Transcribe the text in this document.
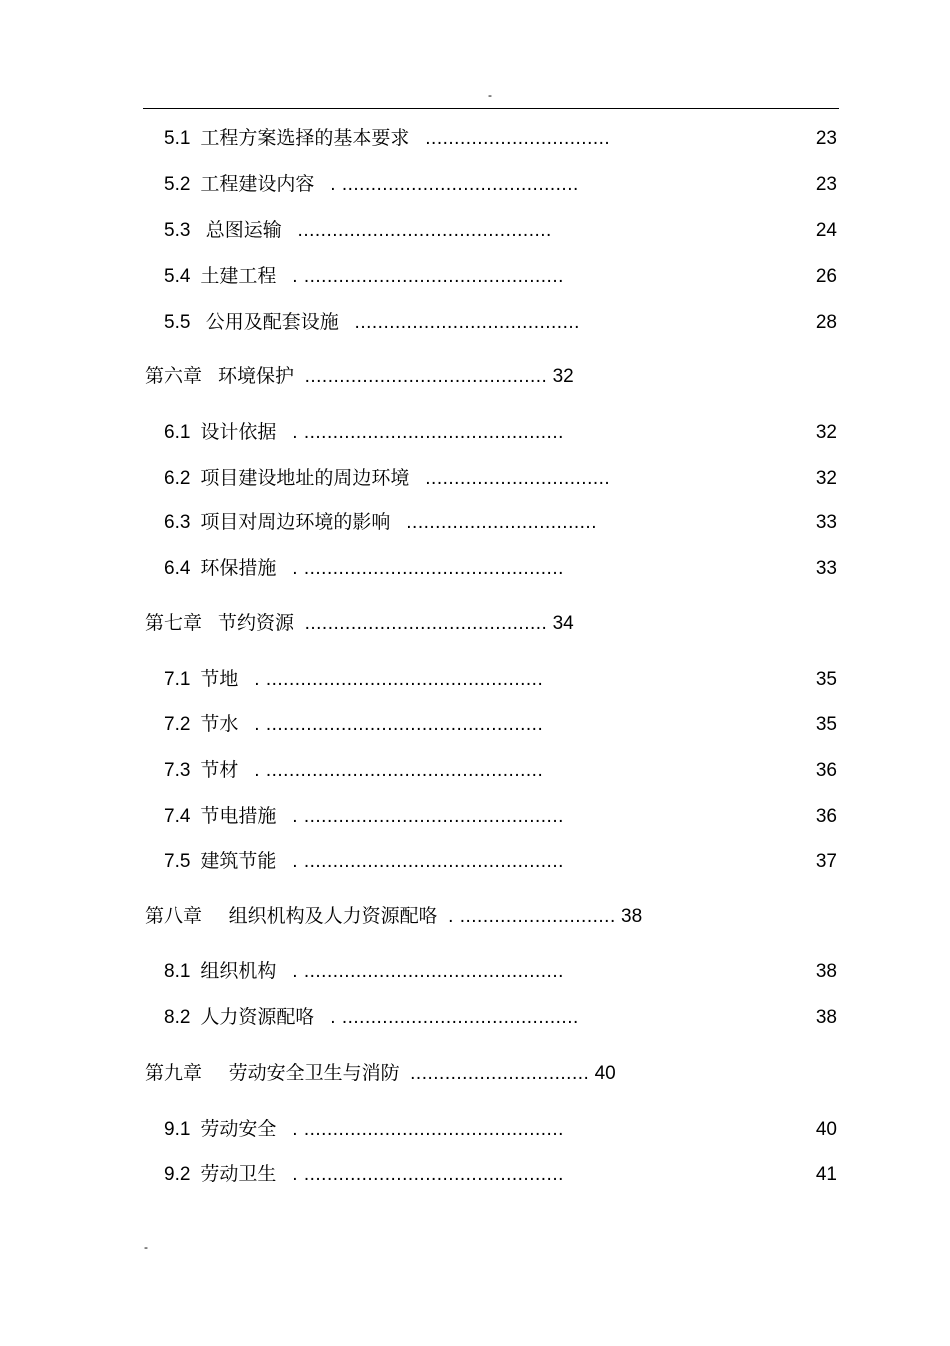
-
5.1 工程方案选择的基本要求 ................................	23
5.2 工程建设内容 . .........................................	23
5.3 总图运输 ............................................	24
5.4 土建工程 . .............................................	26
5.5 公用及配套设施 .......................................	28
第六章 环境保护 .......................................... 32
6.1 设计依据 . .............................................	32
6.2 项目建设地址的周边环境 ................................	32
6.3 项目对周边环境的影响 .................................	33
6.4 环保措施 . .............................................	33
第七章 节约资源 .......................................... 34
7.1 节地 . ................................................	35
7.2 节水 . ................................................	35
7.3 节材 . ................................................	36
7.4 节电措施 . .............................................	36
7.5 建筑节能 . .............................................	37
第八章  组织机构及人力资源配咯 . ........................... 38
8.1 组织机构 . .............................................	38
8.2 人力资源配咯 . .........................................	38
第九章  劳动安全卫生与消防 ............................... 40
9.1 劳动安全 . .............................................	40
9.2 劳动卫生 . .............................................	41
-
